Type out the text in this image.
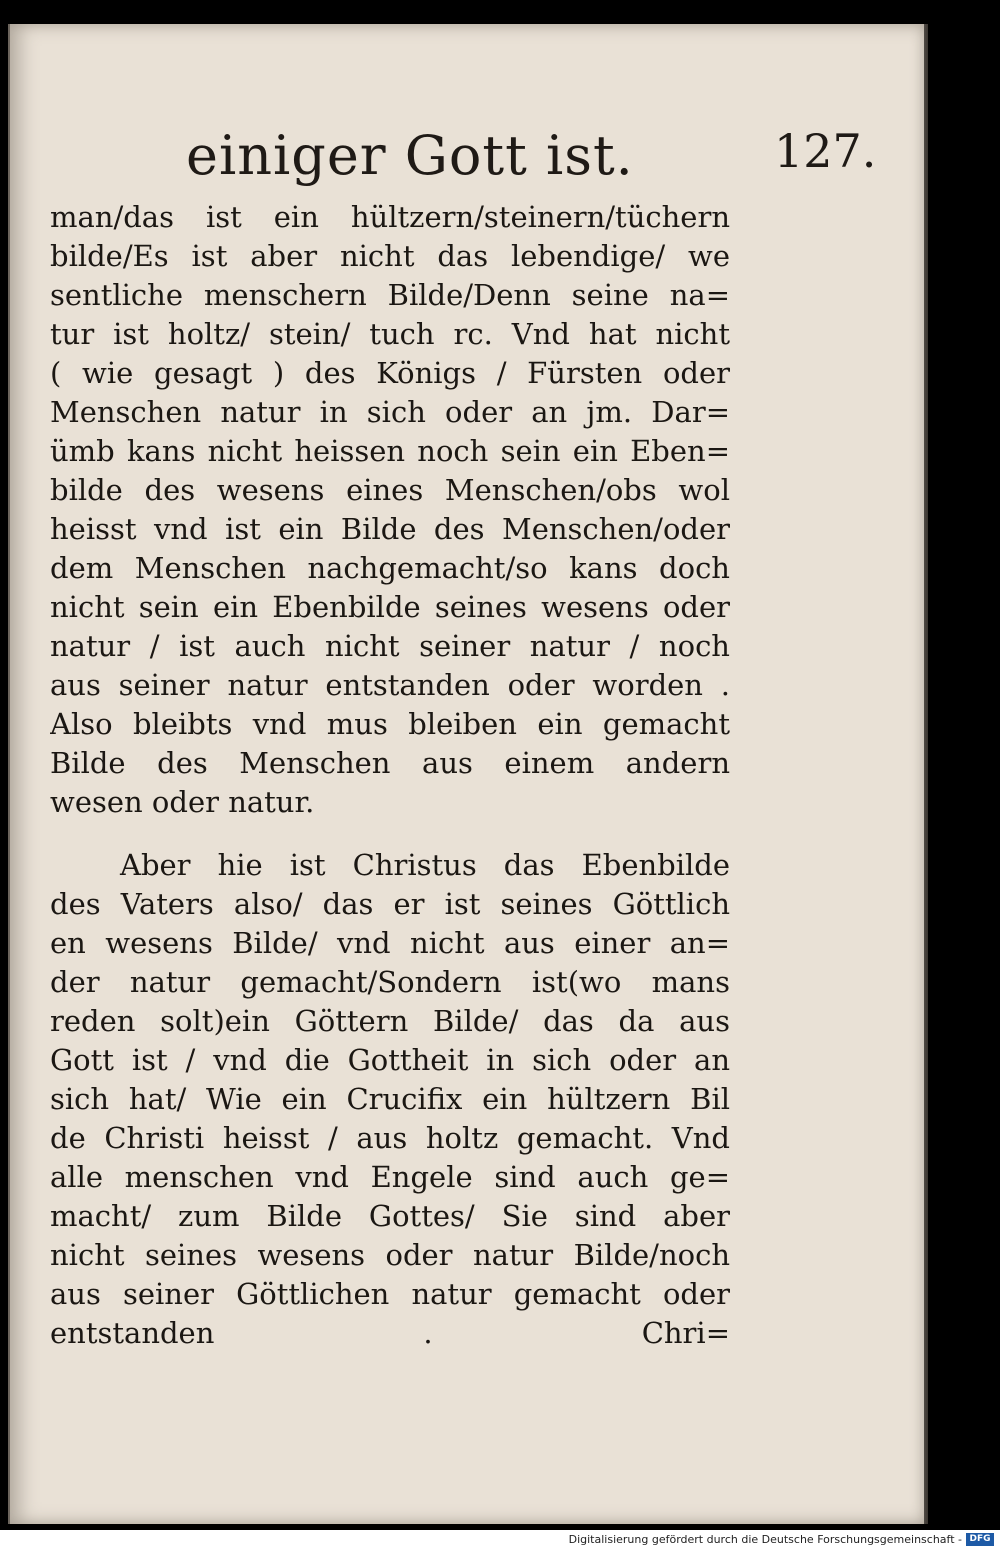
einiger Gott ist.	127.
man/das ist ein hültzern/steinern/tüchern
bilde/Es ist aber nicht das lebendige/ we
sentliche menschern Bilde/Denn seine na=
tur ist holtz/ stein/ tuch rc. Vnd hat nicht
( wie gesagt ) des Königs / Fürsten oder
Menschen natur in sich oder an jm. Dar=
ümb kans nicht heissen noch sein ein Eben=
bilde des wesens eines Menschen/obs wol
heisst vnd ist ein Bilde des Menschen/oder
dem Menschen nachgemacht/so kans doch
nicht sein ein Ebenbilde seines wesens oder
natur / ist auch nicht seiner natur / noch
aus seiner natur entstanden oder worden .
Also bleibts vnd mus bleiben ein gemacht
Bilde des Menschen aus einem andern
wesen oder natur.
Aber hie ist Christus das Ebenbilde
des Vaters also/ das er ist seines Göttlich
en wesens Bilde/ vnd nicht aus einer an=
der natur gemacht/Sondern ist(wo mans
reden solt)ein Göttern Bilde/ das da aus
Gott ist / vnd die Gottheit in sich oder an
sich hat/ Wie ein Crucifix ein hültzern Bil
de Christi heisst / aus holtz gemacht. Vnd
alle menschen vnd Engele sind auch ge=
macht/ zum Bilde Gottes/ Sie sind aber
nicht seines wesens oder natur Bilde/noch
aus seiner Göttlichen natur gemacht oder
entstanden .	Chri=
Digitalisierung gefördert durch die Deutsche Forschungsgemeinschaft - DFG
